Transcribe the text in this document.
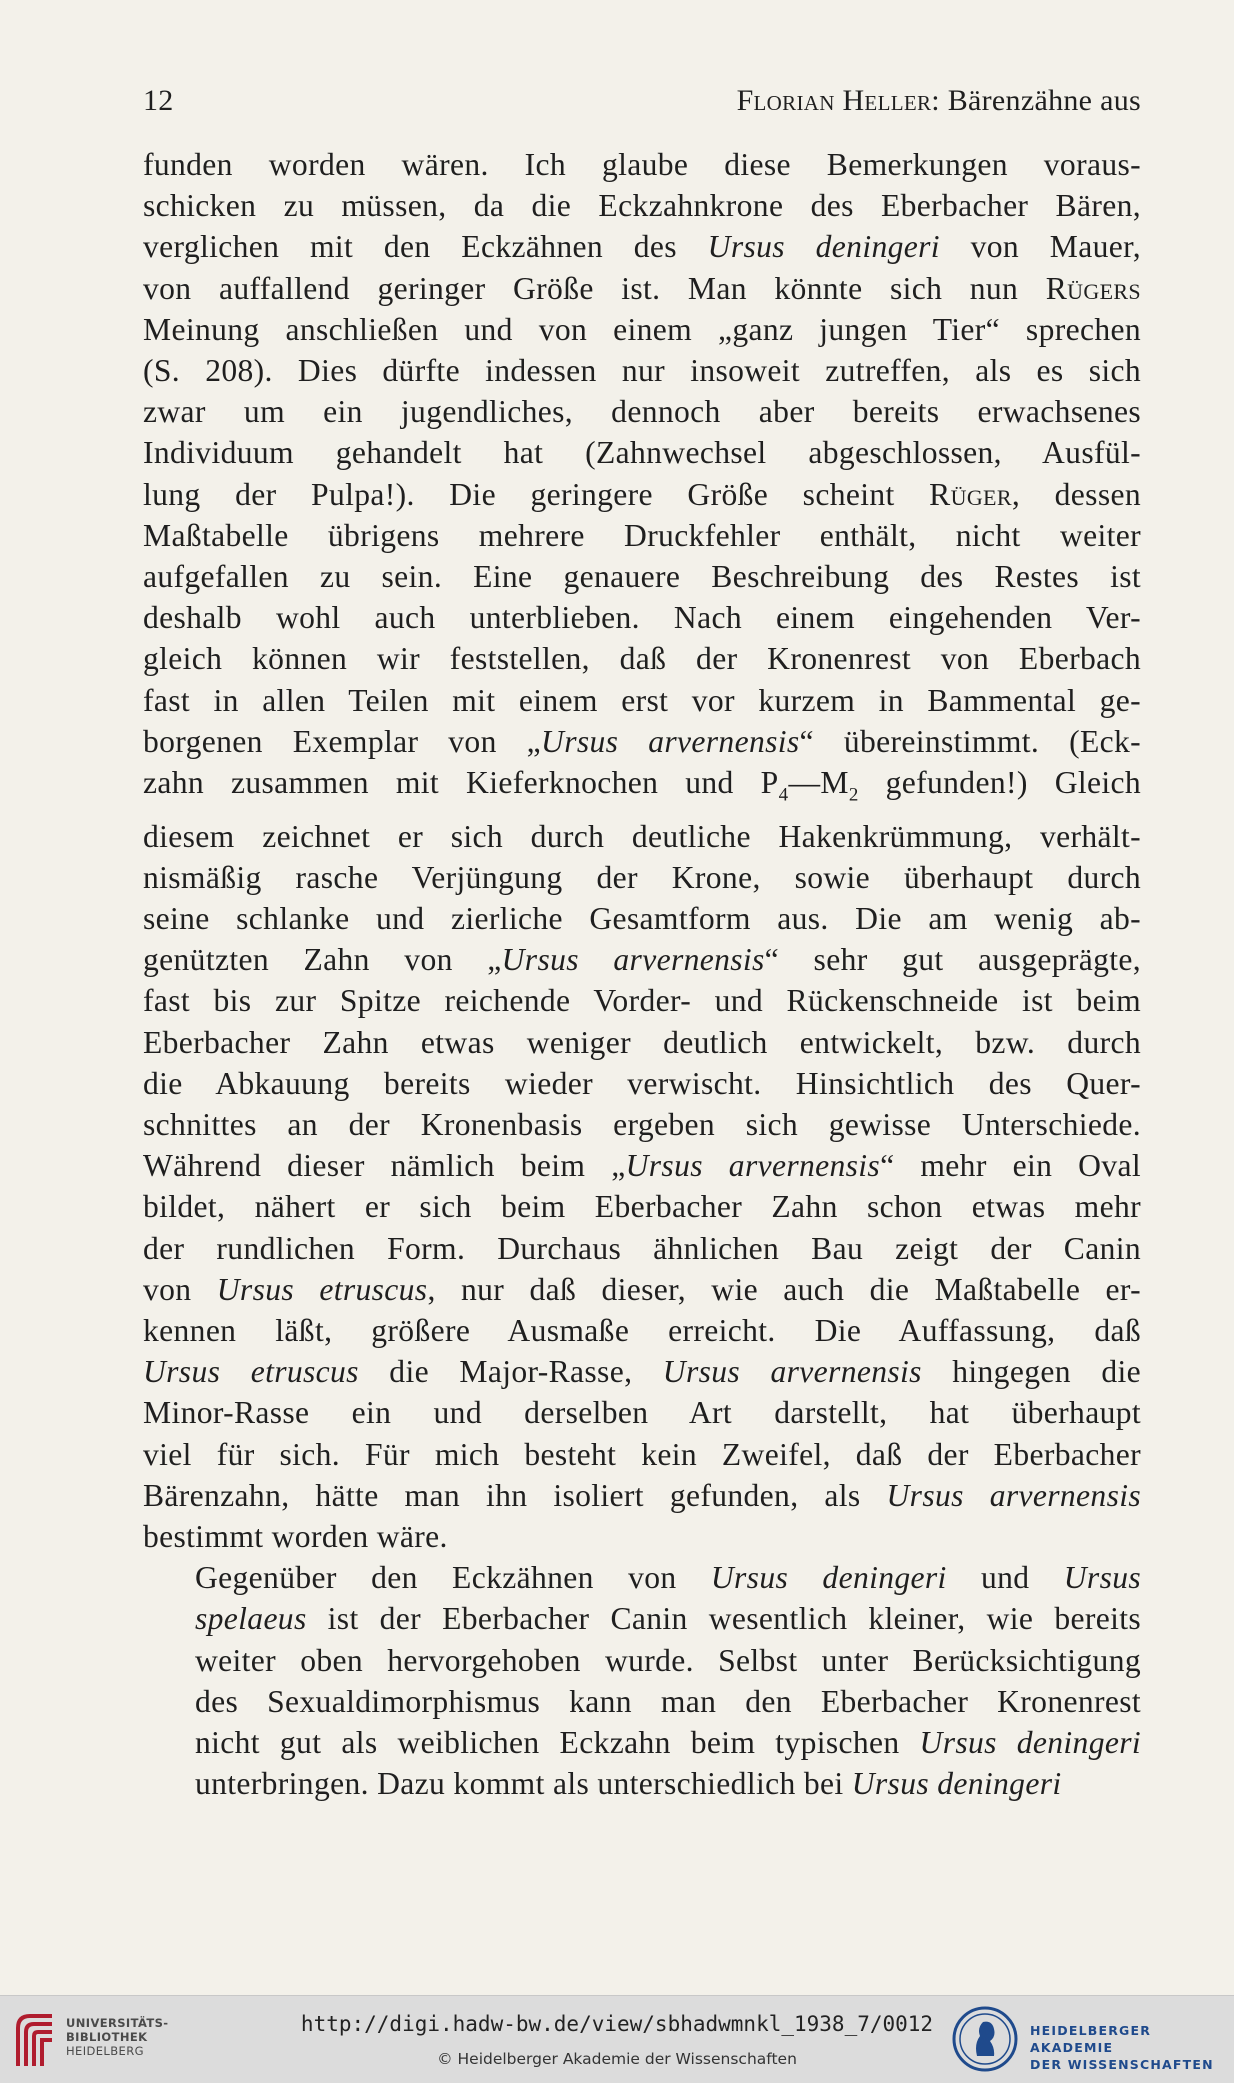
12	Florian Heller: Bärenzähne aus

funden worden wären. Ich glaube diese Bemerkungen voraus-
schicken zu müssen, da die Eckzahnkrone des Eberbacher Bären,
verglichen mit den Eckzähnen des Ursus deningeri von Mauer,
von auffallend geringer Größe ist. Man könnte sich nun Rügers
Meinung anschließen und von einem „ganz jungen Tier“ sprechen
(S. 208). Dies dürfte indessen nur insoweit zutreffen, als es sich
zwar um ein jugendliches, dennoch aber bereits erwachsenes
Individuum gehandelt hat (Zahnwechsel abgeschlossen, Ausfül-
lung der Pulpa!). Die geringere Größe scheint Rüger, dessen
Maßtabelle übrigens mehrere Druckfehler enthält, nicht weiter
aufgefallen zu sein. Eine genauere Beschreibung des Restes ist
deshalb wohl auch unterblieben. Nach einem eingehenden Ver-
gleich können wir feststellen, daß der Kronenrest von Eberbach
fast in allen Teilen mit einem erst vor kurzem in Bammental ge-
borgenen Exemplar von „Ursus arvernensis“ übereinstimmt. (Eck-
zahn zusammen mit Kieferknochen und $P_4—M_2$ gefunden!) Gleich
diesem zeichnet er sich durch deutliche Hakenkrümmung, verhält-
nismäßig rasche Verjüngung der Krone, sowie überhaupt durch
seine schlanke und zierliche Gesamtform aus. Die am wenig ab-
genützten Zahn von „Ursus arvernensis“ sehr gut ausgeprägte,
fast bis zur Spitze reichende Vorder- und Rückenschneide ist beim
Eberbacher Zahn etwas weniger deutlich entwickelt, bzw. durch
die Abkauung bereits wieder verwischt. Hinsichtlich des Quer-
schnittes an der Kronenbasis ergeben sich gewisse Unterschiede.
Während dieser nämlich beim „Ursus arvernensis“ mehr ein Oval
bildet, nähert er sich beim Eberbacher Zahn schon etwas mehr
der rundlichen Form. Durchaus ähnlichen Bau zeigt der Canin
von Ursus etruscus, nur daß dieser, wie auch die Maßtabelle er-
kennen läßt, größere Ausmaße erreicht. Die Auffassung, daß
Ursus etruscus die Major-Rasse, Ursus arvernensis hingegen die
Minor-Rasse ein und derselben Art darstellt, hat überhaupt
viel für sich. Für mich besteht kein Zweifel, daß der Eberbacher
Bärenzahn, hätte man ihn isoliert gefunden, als Ursus arvernensis
bestimmt worden wäre.

Gegenüber den Eckzähnen von Ursus deningeri und Ursus
spelaeus ist der Eberbacher Canin wesentlich kleiner, wie bereits
weiter oben hervorgehoben wurde. Selbst unter Berücksichtigung
des Sexualdimorphismus kann man den Eberbacher Kronenrest
nicht gut als weiblichen Eckzahn beim typischen Ursus deningeri
unterbringen. Dazu kommt als unterschiedlich bei Ursus deningeri

UNIVERSITÄTS-
BIBLIOTHEK
HEIDELBERG
http://digi.hadw-bw.de/view/sbhadwmnkl_1938_7/0012
© Heidelberger Akademie der Wissenschaften
HEIDELBERGER AKADEMIE
DER WISSENSCHAFTEN
